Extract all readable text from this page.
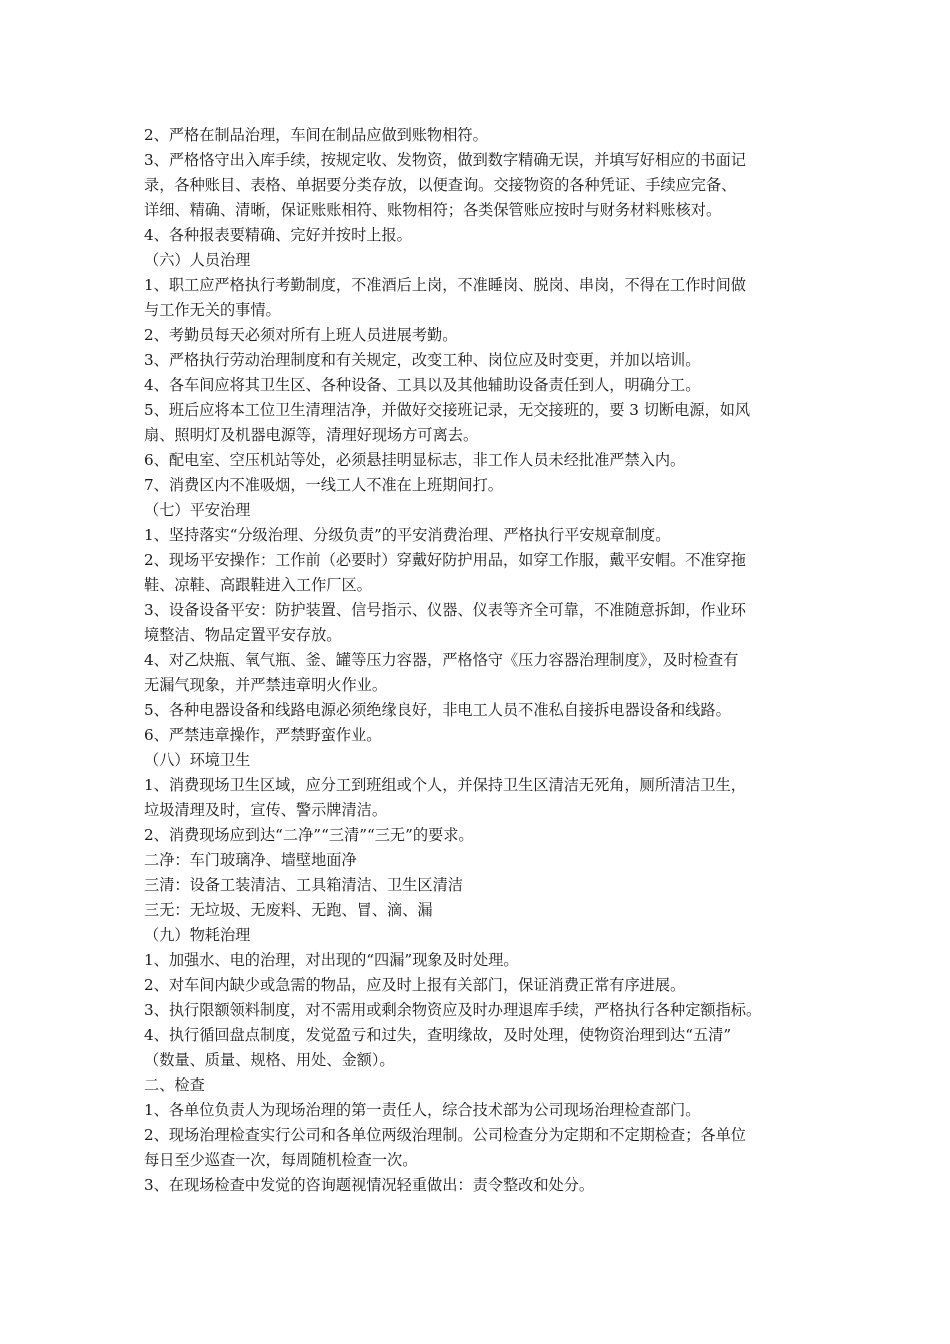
2、严格在制品治理，车间在制品应做到账物相符。
3、严格恪守出入库手续，按规定收、发物资，做到数字精确无误，并填写好相应的书面记
录，各种账目、表格、单据要分类存放，以便查询。交接物资的各种凭证、手续应完备、
详细、精确、清晰，保证账账相符、账物相符；各类保管账应按时与财务材料账核对。
4、各种报表要精确、完好并按时上报。
（六）人员治理
1、职工应严格执行考勤制度，不准酒后上岗，不准睡岗、脱岗、串岗，不得在工作时间做
与工作无关的事情。
2、考勤员每天必须对所有上班人员进展考勤。
3、严格执行劳动治理制度和有关规定，改变工种、岗位应及时变更，并加以培训。
4、各车间应将其卫生区、各种设备、工具以及其他辅助设备责任到人，明确分工。
5、班后应将本工位卫生清理洁净，并做好交接班记录，无交接班的，要 3 切断电源，如风
扇、照明灯及机器电源等，清理好现场方可离去。
6、配电室、空压机站等处，必须悬挂明显标志，非工作人员未经批准严禁入内。
7、消费区内不准吸烟，一线工人不准在上班期间打。
（七）平安治理
1、坚持落实“分级治理、分级负责”的平安消费治理、严格执行平安规章制度。
2、现场平安操作：工作前（必要时）穿戴好防护用品，如穿工作服，戴平安帽。不准穿拖
鞋、凉鞋、高跟鞋进入工作厂区。
3、设备设备平安：防护装置、信号指示、仪器、仪表等齐全可靠，不准随意拆卸，作业环
境整洁、物品定置平安存放。
4、对乙炔瓶、氧气瓶、釜、罐等压力容器，严格恪守《压力容器治理制度》，及时检查有
无漏气现象，并严禁违章明火作业。
5、各种电器设备和线路电源必须绝缘良好，非电工人员不准私自接拆电器设备和线路。
6、严禁违章操作，严禁野蛮作业。
（八）环境卫生
1、消费现场卫生区域，应分工到班组或个人，并保持卫生区清洁无死角，厕所清洁卫生，
垃圾清理及时，宣传、警示牌清洁。
2、消费现场应到达“二净”“三清”“三无”的要求。
二净：车门玻璃净、墙壁地面净
三清：设备工装清洁、工具箱清洁、卫生区清洁
三无：无垃圾、无废料、无跑、冒、滴、漏
（九）物耗治理
1、加强水、电的治理，对出现的“四漏”现象及时处理。
2、对车间内缺少或急需的物品，应及时上报有关部门，保证消费正常有序进展。
3、执行限额领料制度，对不需用或剩余物资应及时办理退库手续，严格执行各种定额指标。
4、执行循回盘点制度，发觉盈亏和过失，查明缘故，及时处理，使物资治理到达“五清”
（数量、质量、规格、用处、金额）。
二、检查
1、各单位负责人为现场治理的第一责任人，综合技术部为公司现场治理检查部门。
2、现场治理检查实行公司和各单位两级治理制。公司检查分为定期和不定期检查；各单位
每日至少巡查一次，每周随机检查一次。
3、在现场检查中发觉的咨询题视情况轻重做出：责令整改和处分。
